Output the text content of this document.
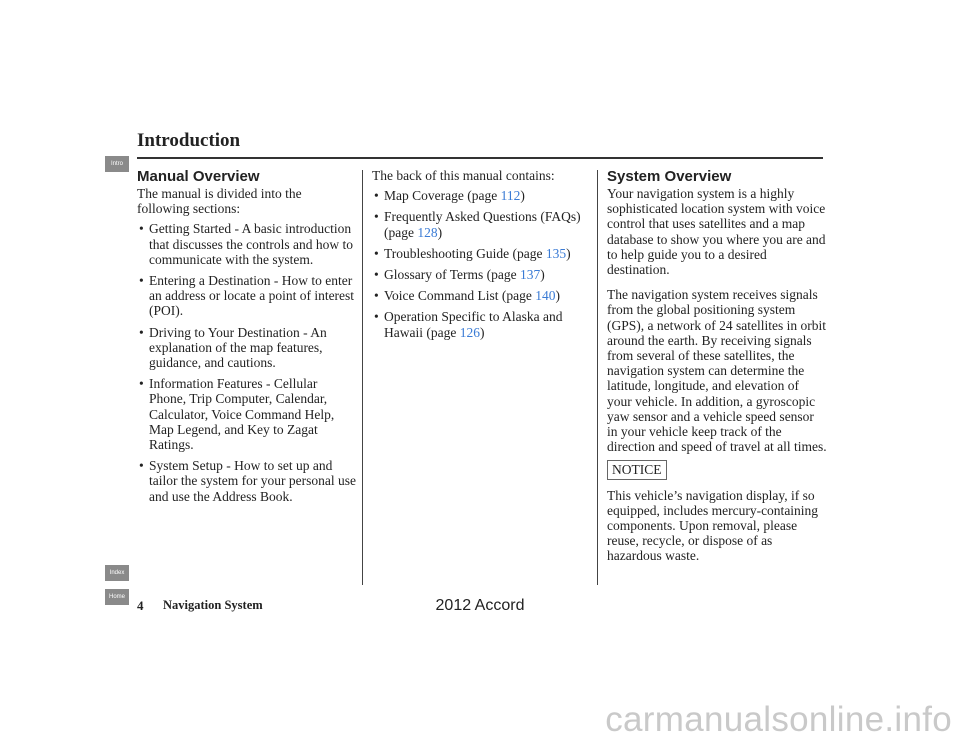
Introduction
Intro
Index
Home
Manual Overview

The manual is divided into the following sections:

• Getting Started - A basic introduction that discusses the controls and how to communicate with the system.
• Entering a Destination - How to enter an address or locate a point of interest (POI).
• Driving to Your Destination - An explanation of the map features, guidance, and cautions.
• Information Features - Cellular Phone, Trip Computer, Calendar, Calculator, Voice Command Help, Map Legend, and Key to Zagat Ratings.
• System Setup - How to set up and tailor the system for your personal use and use the Address Book.

The back of this manual contains:

• Map Coverage (page 112)
• Frequently Asked Questions (FAQs) (page 128)
• Troubleshooting Guide (page 135)
• Glossary of Terms (page 137)
• Voice Command List (page 140)
• Operation Specific to Alaska and Hawaii (page 126)
System Overview

Your navigation system is a highly sophisticated location system with voice control that uses satellites and a map database to show you where you are and to help guide you to a desired destination.

The navigation system receives signals from the global positioning system (GPS), a network of 24 satellites in orbit around the earth. By receiving signals from several of these satellites, the navigation system can determine the latitude, longitude, and elevation of your vehicle. In addition, a gyroscopic yaw sensor and a vehicle speed sensor in your vehicle keep track of the direction and speed of travel at all times.

NOTICE

This vehicle’s navigation display, if so equipped, includes mercury-containing components. Upon removal, please reuse, recycle, or dispose of as hazardous waste.

4 Navigation System	2012 Accord
carmanualsonline.info
